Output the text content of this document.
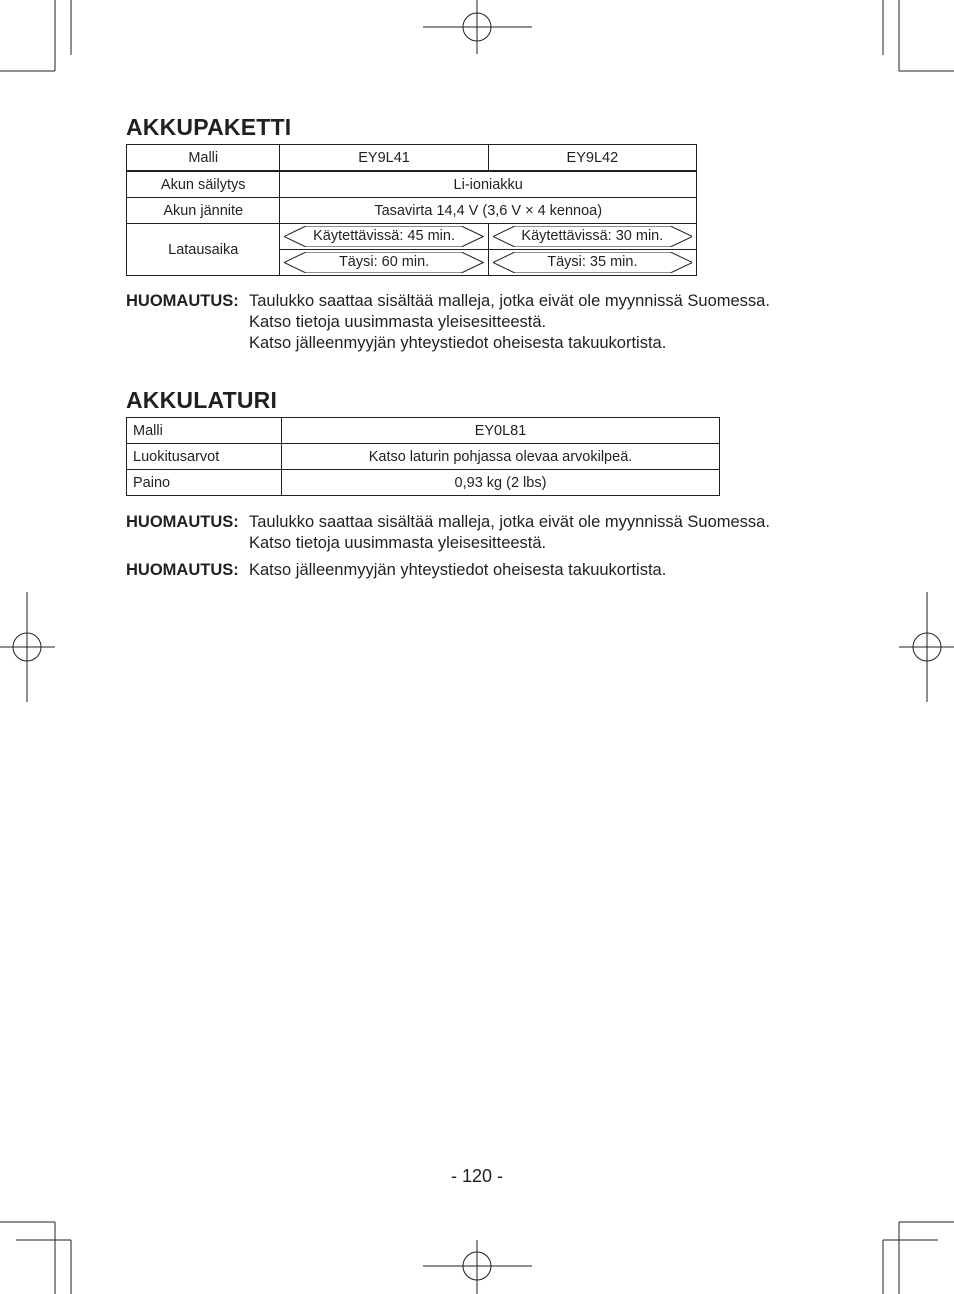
AKKUPAKETTI
Malli	EY9L41	EY9L42
Akun säilytys	Li-ioniakku	
Akun jännite	Tasavirta 14,4 V (3,6 V × 4 kennoa)	
Latausaika	Käytettävissä: 45 min.	Käytettävissä: 30 min.

	Täysi: 60 min.	Täysi: 35 min.
HUOMAUTUS: Taulukko saattaa sisältää malleja, jotka eivät ole myynnissä Suomessa.
Katso tietoja uusimmasta yleisesitteestä.
Katso jälleenmyyjän yhteystiedot oheisesta takuukortista.
AKKULATURI
Malli	EY0L81
Luokitusarvot	Katso laturin pohjassa olevaa arvokilpeä.
Paino	0,93 kg (2 lbs)
HUOMAUTUS: Taulukko saattaa sisältää malleja, jotka eivät ole myynnissä Suomessa.
Katso tietoja uusimmasta yleisesitteestä.
HUOMAUTUS: Katso jälleenmyyjän yhteystiedot oheisesta takuukortista.
- 120 -
